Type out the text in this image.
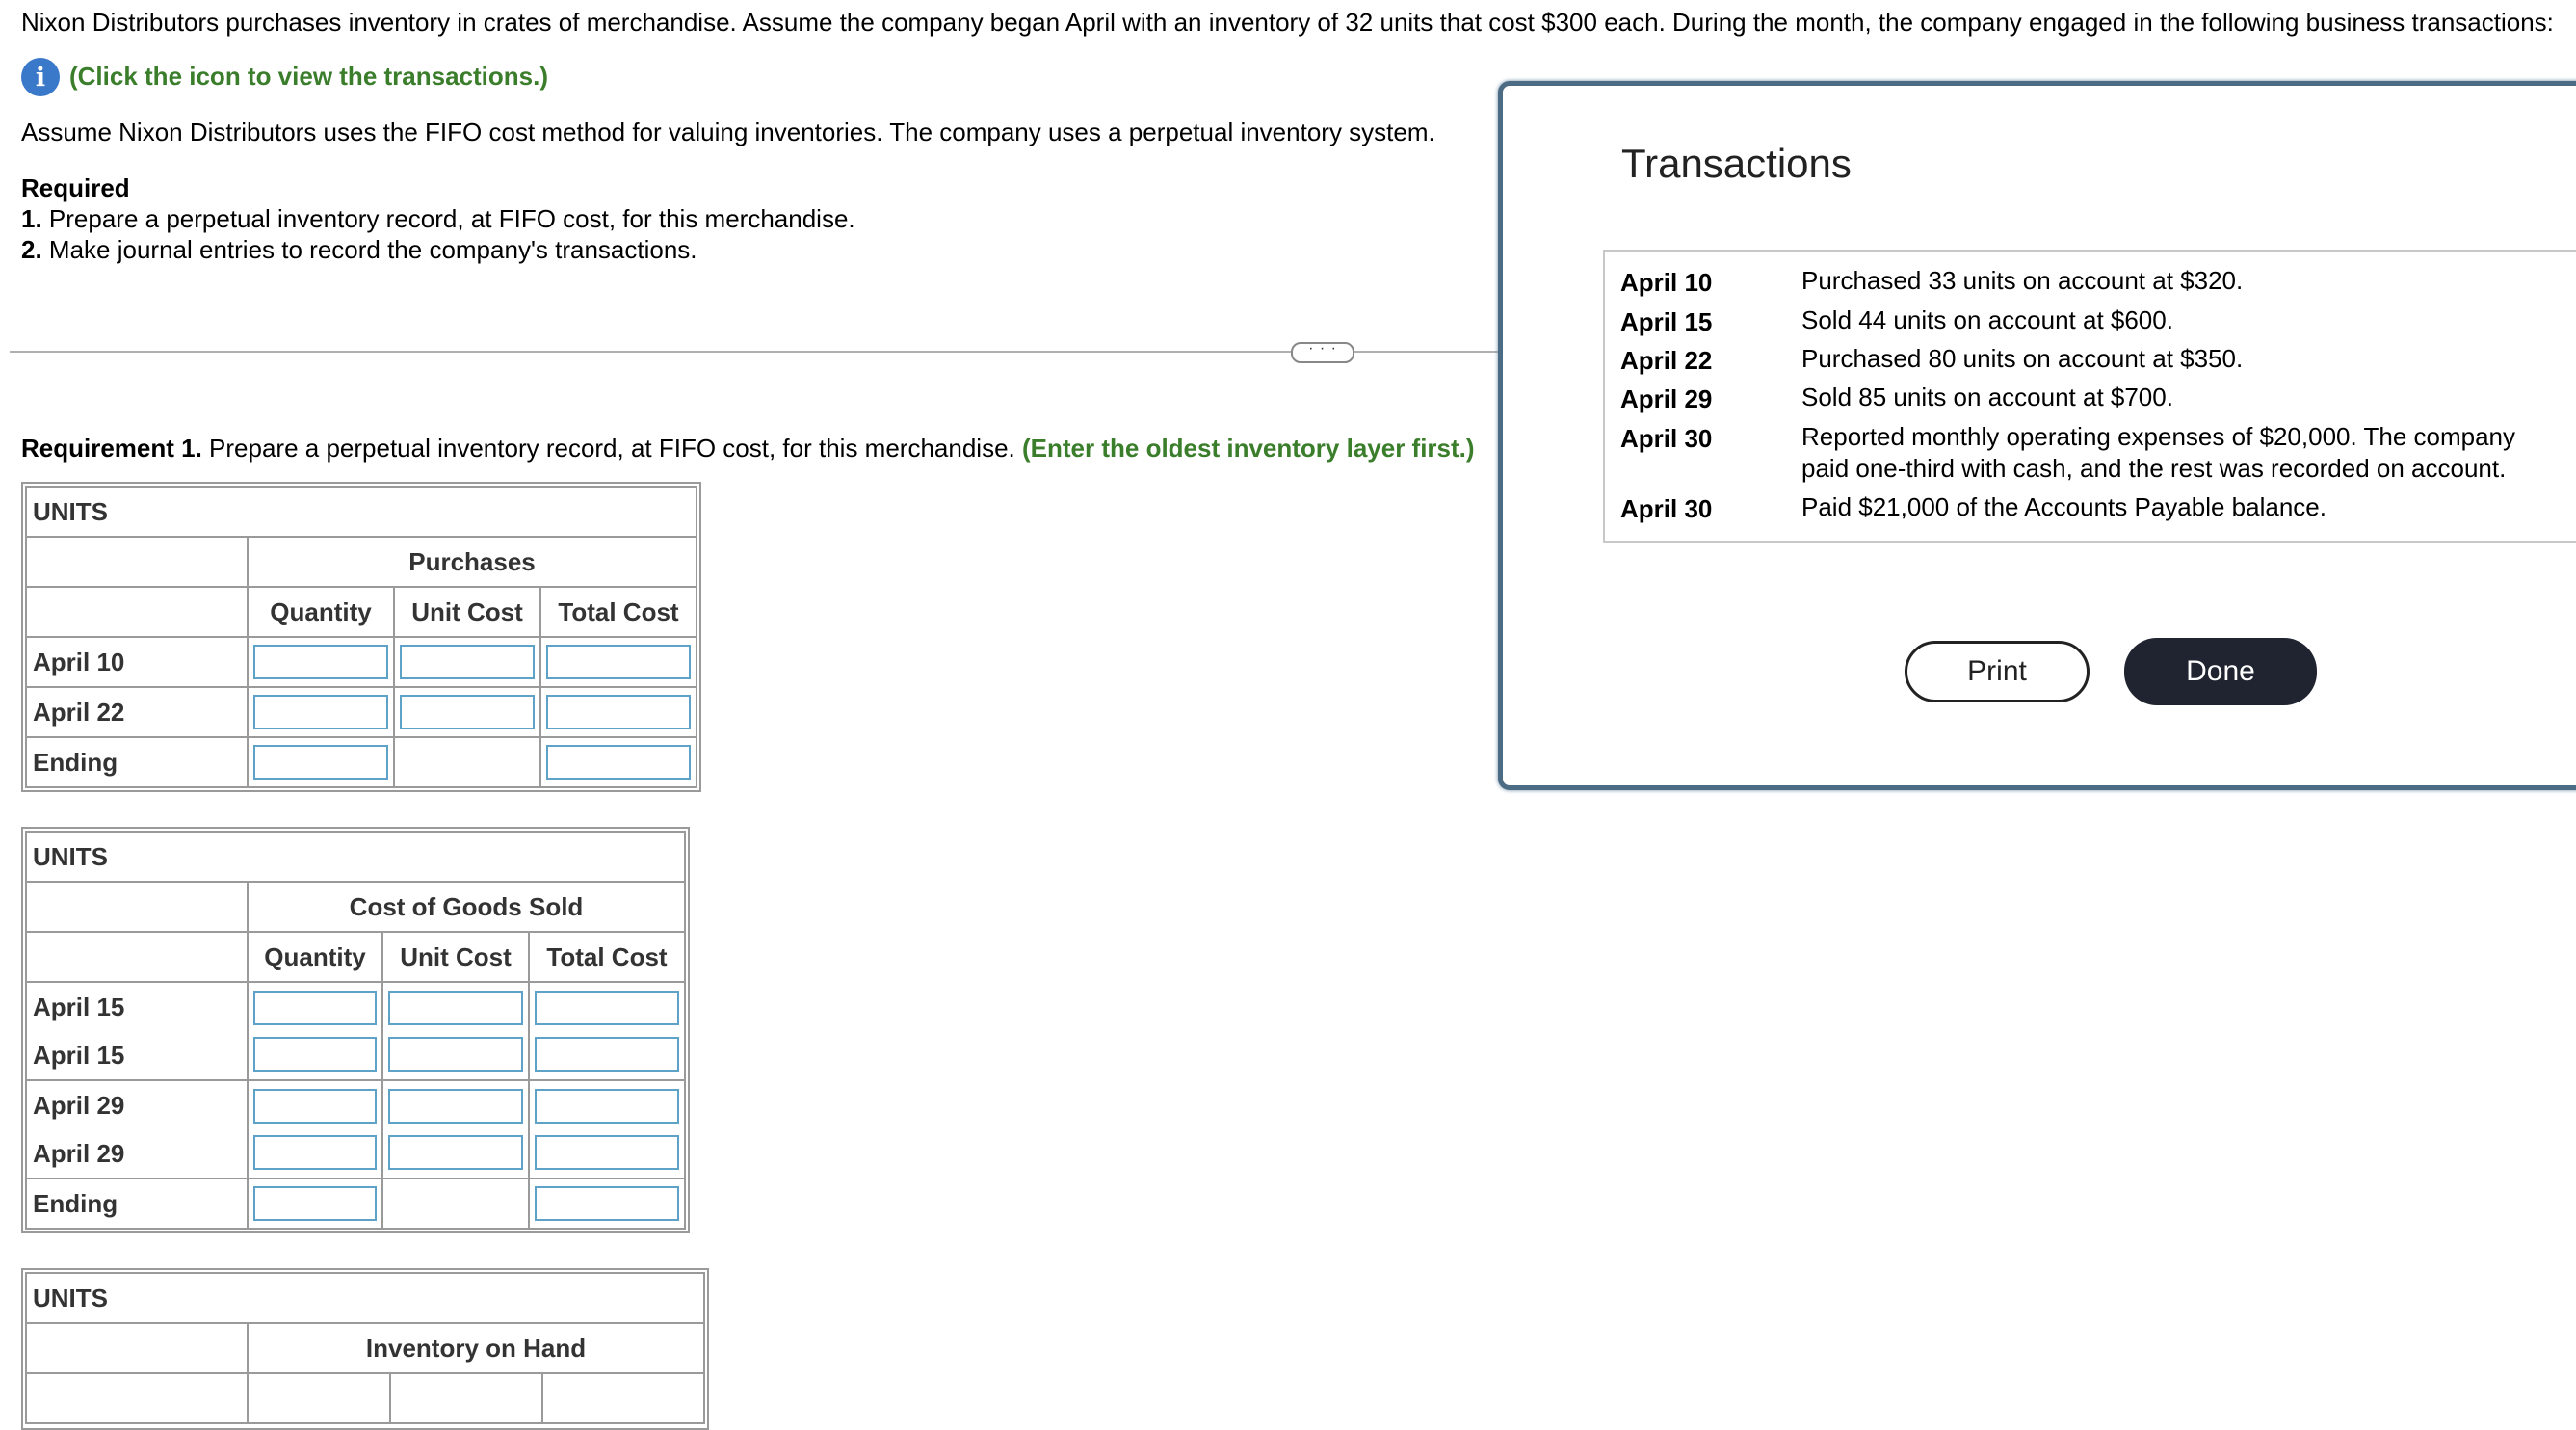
Nixon Distributors purchases inventory in crates of merchandise. Assume the company began April with an inventory of 32 units that cost $300 each. During the month, the company engaged in the following business transactions:
i (Click the icon to view the transactions.)
Assume Nixon Distributors uses the FIFO cost method for valuing inventories. The company uses a perpetual inventory system.
Required
1. Prepare a perpetual inventory record, at FIFO cost, for this merchandise.
2. Make journal entries to record the company's transactions.
· · ·
Requirement 1. Prepare a perpetual inventory record, at FIFO cost, for this merchandise. (Enter the oldest inventory layer first.)
UNITS			
	Purchases		
	Quantity	Unit Cost	Total Cost
April 10	

April 22	

Ending	

UNITS			
	Cost of Goods Sold		
	Quantity	Unit Cost	Total Cost

April 15
April 15			

April 29
April 29			

Ending	

UNITS			
	Inventory on Hand		

Transactions
April 10	Purchased 33 units on account at $320.
April 15	Sold 44 units on account at $600.
April 22	Purchased 80 units on account at $350.
April 29	Sold 85 units on account at $700.
April 30	Reported monthly operating expenses of $20,000. The company paid one-third with cash, and the rest was recorded on account.
April 30	Paid $21,000 of the Accounts Payable balance.
Print	Done
